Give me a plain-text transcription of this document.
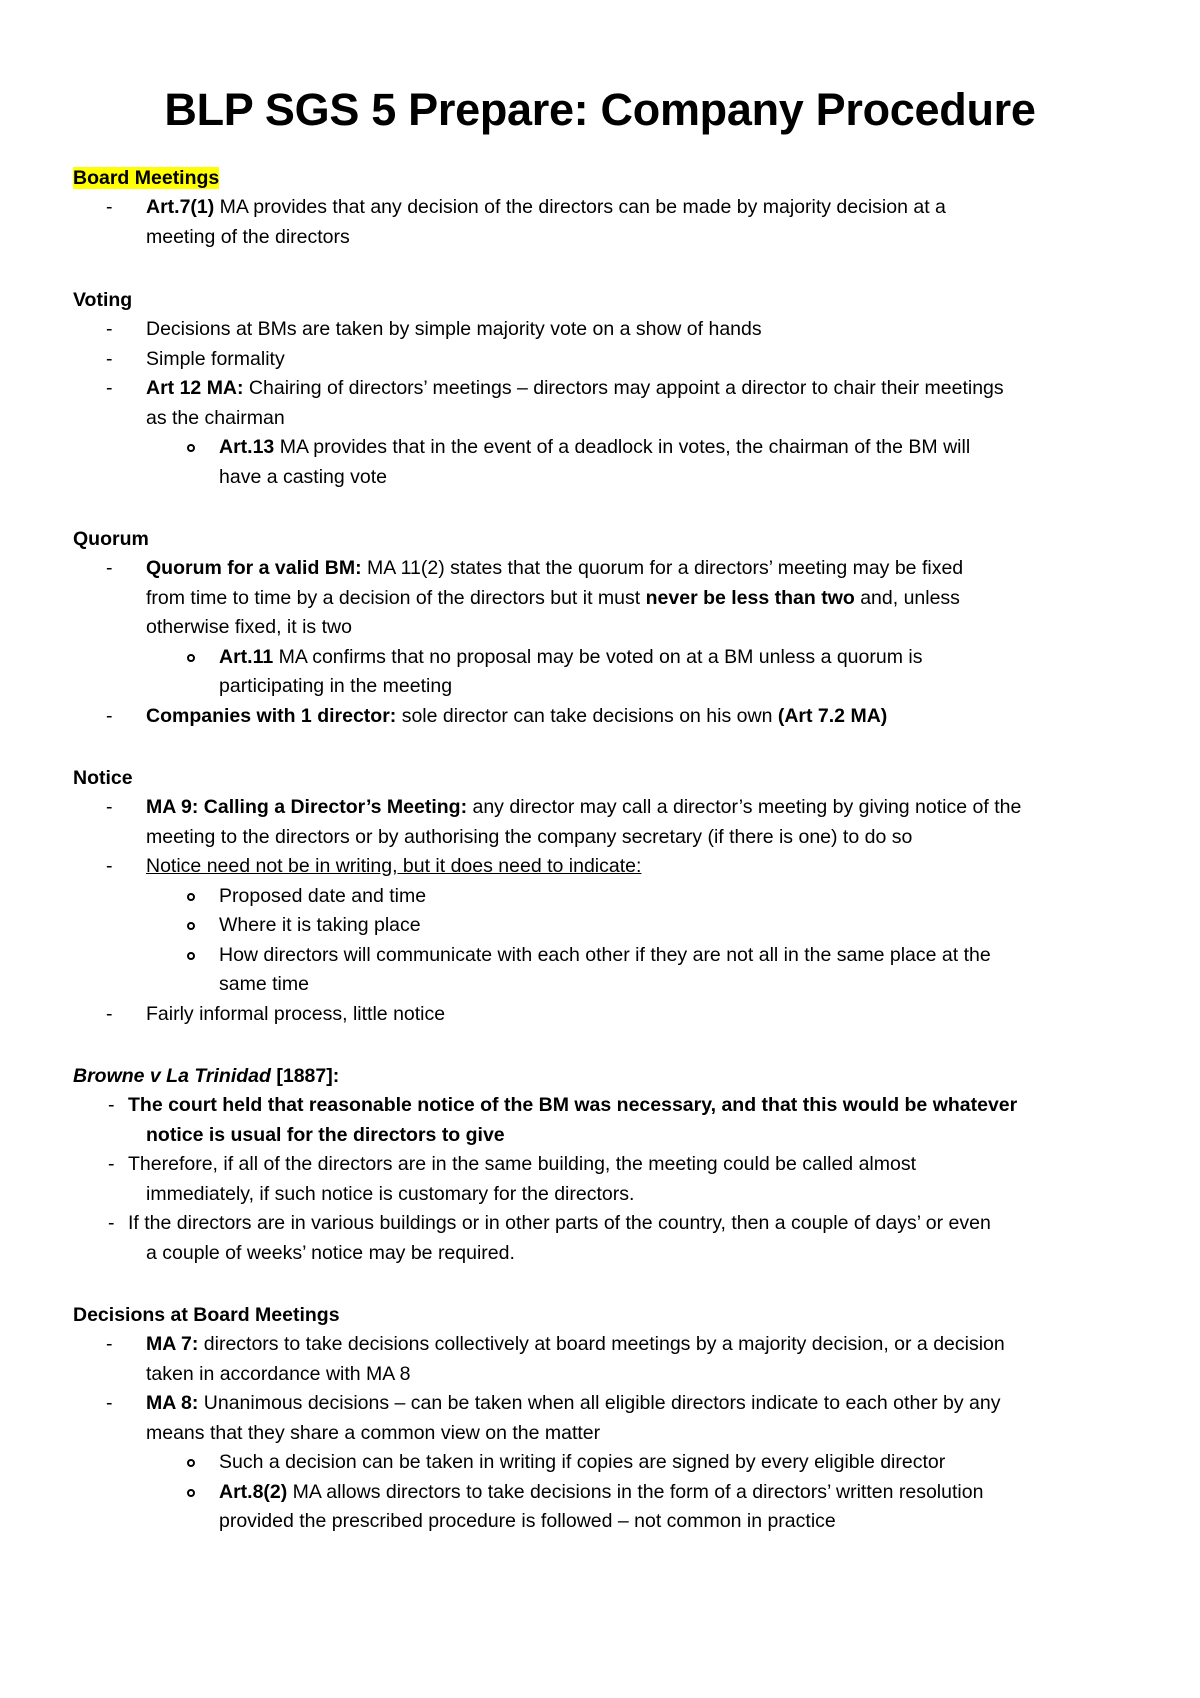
BLP SGS 5 Prepare: Company Procedure
Board Meetings
- Art.7(1) MA provides that any decision of the directors can be made by majority decision at a
meeting of the directors
Voting
- Decisions at BMs are taken by simple majority vote on a show of hands
- Simple formality
- Art 12 MA: Chairing of directors’ meetings – directors may appoint a director to chair their meetings
as the chairman
Art.13 MA provides that in the event of a deadlock in votes, the chairman of the BM will
have a casting vote
Quorum
- Quorum for a valid BM: MA 11(2) states that the quorum for a directors’ meeting may be fixed
from time to time by a decision of the directors but it must never be less than two and, unless
otherwise fixed, it is two
Art.11 MA confirms that no proposal may be voted on at a BM unless a quorum is
participating in the meeting
- Companies with 1 director: sole director can take decisions on his own (Art 7.2 MA)
Notice
- MA 9: Calling a Director’s Meeting: any director may call a director’s meeting by giving notice of the
meeting to the directors or by authorising the company secretary (if there is one) to do so
- Notice need not be in writing, but it does need to indicate:
Proposed date and time
Where it is taking place
How directors will communicate with each other if they are not all in the same place at the
same time
- Fairly informal process, little notice
Browne v La Trinidad [1887]:
- The court held that reasonable notice of the BM was necessary, and that this would be whatever
notice is usual for the directors to give
- Therefore, if all of the directors are in the same building, the meeting could be called almost
immediately, if such notice is customary for the directors.
- If the directors are in various buildings or in other parts of the country, then a couple of days’ or even
a couple of weeks’ notice may be required.
Decisions at Board Meetings
- MA 7: directors to take decisions collectively at board meetings by a majority decision, or a decision
taken in accordance with MA 8
- MA 8: Unanimous decisions – can be taken when all eligible directors indicate to each other by any
means that they share a common view on the matter
Such a decision can be taken in writing if copies are signed by every eligible director
Art.8(2) MA allows directors to take decisions in the form of a directors’ written resolution
provided the prescribed procedure is followed – not common in practice
